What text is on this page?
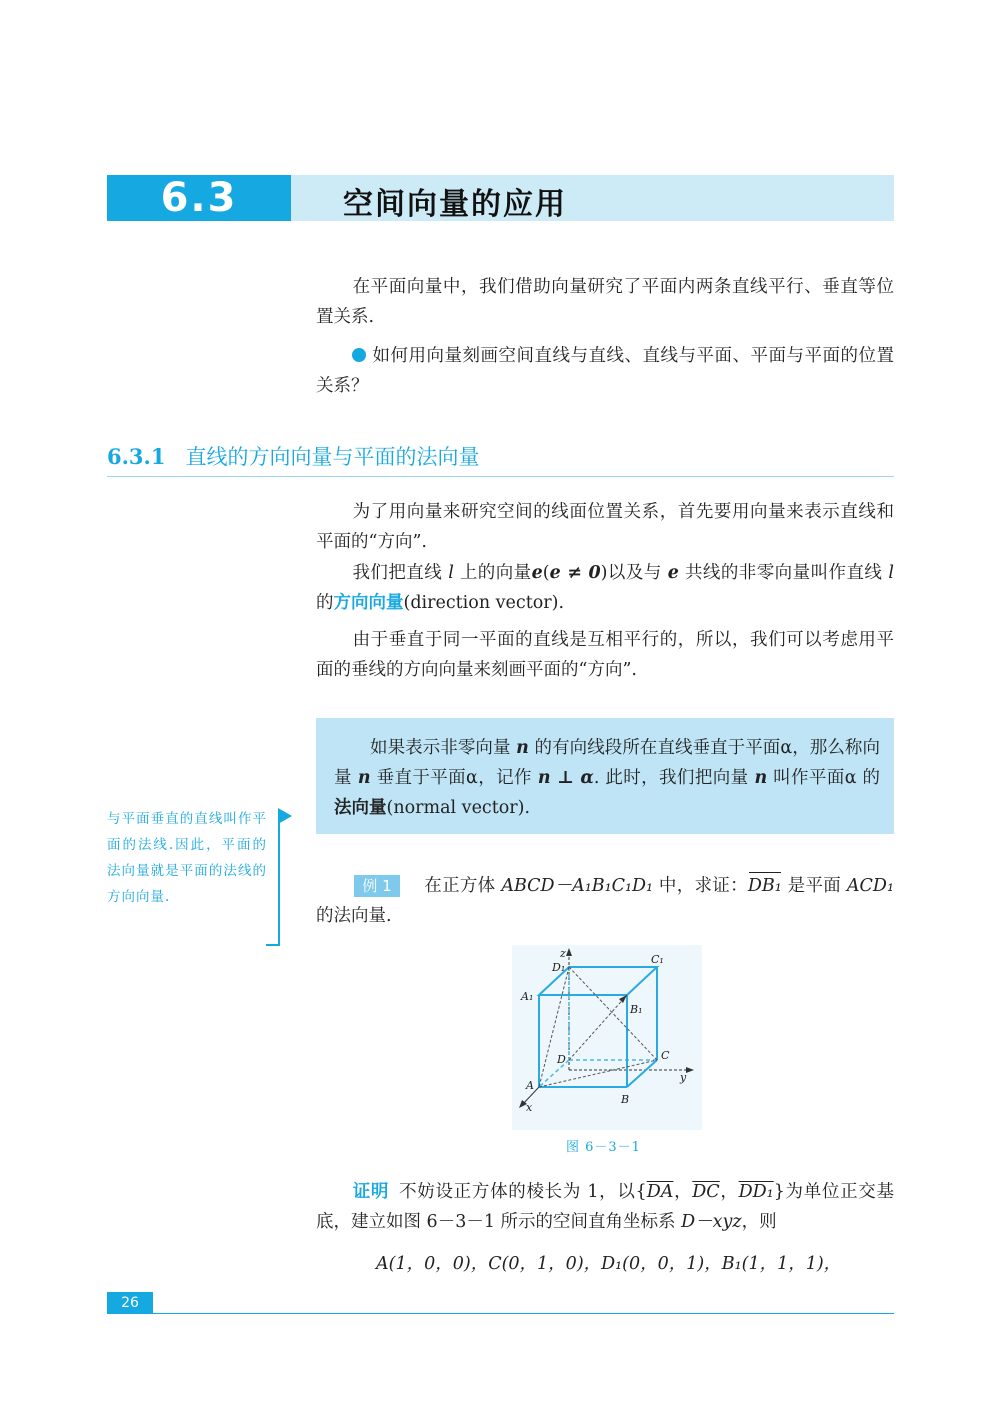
6.3	空间向量的应用
在平面向量中，我们借助向量研究了平面内两条直线平行、垂直等位置关系.
如何用向量刻画空间直线与直线、直线与平面、平面与平面的位置关系？
6.3.1 直线的方向向量与平面的法向量
为了用向量来研究空间的线面位置关系，首先要用向量来表示直线和平面的“方向”.
我们把直线 l 上的向量e(e ≠ 0)以及与 e 共线的非零向量叫作直线 l 的方向向量(direction vector).
由于垂直于同一平面的直线是互相平行的，所以，我们可以考虑用平面的垂线的方向向量来刻画平面的“方向”.
如果表示非零向量 n 的有向线段所在直线垂直于平面α，那么称向量 n 垂直于平面α，记作 n ⊥ α. 此时，我们把向量 n 叫作平面α 的法向量(normal vector).
与平面垂直的直线叫作平面的法线.因此，平面的法向量就是平面的法线的方向向量.
例 1	在正方体 ABCD－A₁B₁C₁D₁ 中，求证：DB₁ 是平面 ACD₁ 的法向量.
z
D₁
C₁
A₁
B₁
D	C
y
A
B
x
图 6－3－1
证明 不妨设正方体的棱长为 1，以{$\overline{DA}$，$\overline{DC}$，DD₁}为单位正交基底，建立如图 6－3－1 所示的空间直角坐标系 D－xyz，则
A(1，0，0)，C(0，1，0)，D₁(0，0，1)，B₁(1，1，1)，
26
